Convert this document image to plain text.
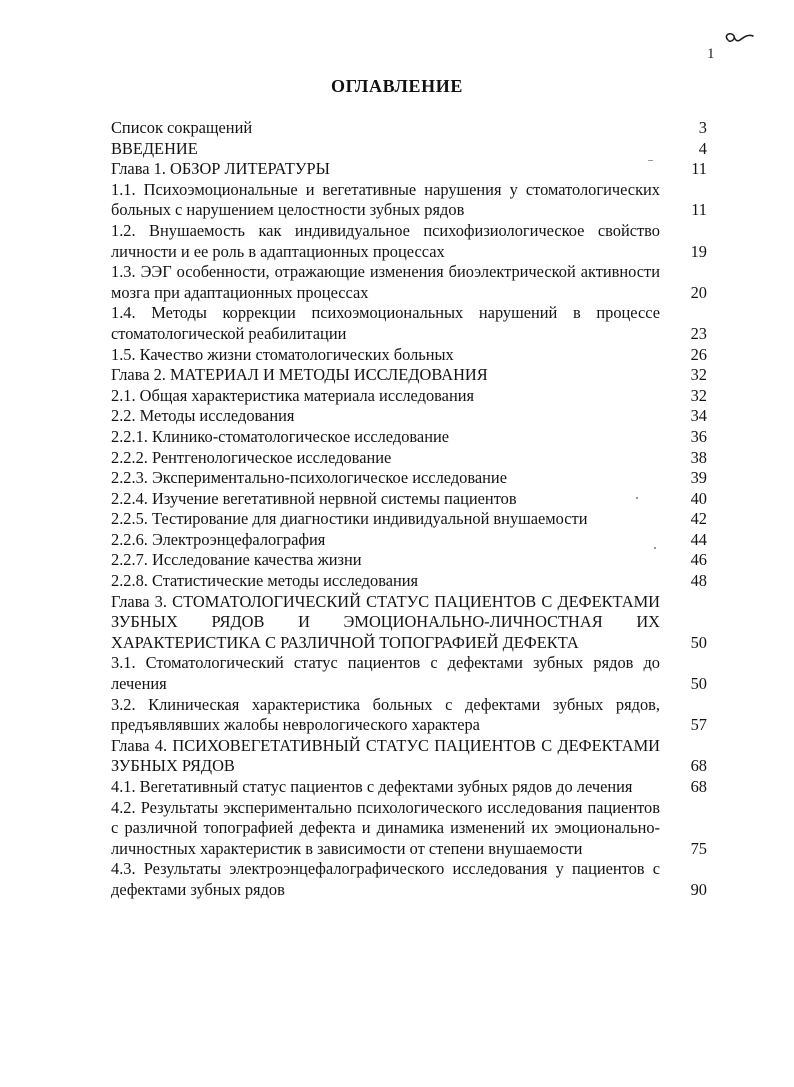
1
ОГЛАВЛЕНИЕ
Список сокращений	3
ВВЕДЕНИЕ	4
Глава 1. ОБЗОР ЛИТЕРАТУРЫ	11
1.1. Психоэмоциональные и вегетативные нарушения у стоматологических больных с нарушением целостности зубных рядов	11
1.2. Внушаемость как индивидуальное психофизиологическое свойство личности и ее роль в адаптационных процессах	19
1.3. ЭЭГ особенности, отражающие изменения биоэлектрической активности мозга при адаптационных процессах	20
1.4. Методы коррекции психоэмоциональных нарушений в процессе стоматологической реабилитации	23
1.5. Качество жизни стоматологических больных	26
Глава 2. МАТЕРИАЛ И МЕТОДЫ ИССЛЕДОВАНИЯ	32
2.1. Общая характеристика материала исследования	32
2.2. Методы исследования	34
2.2.1. Клинико-стоматологическое исследование	36
2.2.2. Рентгенологическое исследование	38
2.2.3. Экспериментально-психологическое исследование	39
2.2.4. Изучение вегетативной нервной системы пациентов	40
2.2.5. Тестирование для диагностики индивидуальной внушаемости	42
2.2.6. Электроэнцефалография	44
2.2.7. Исследование качества жизни	46
2.2.8. Статистические методы исследования	48
Глава 3. СТОМАТОЛОГИЧЕСКИЙ СТАТУС ПАЦИЕНТОВ С ДЕФЕКТАМИ ЗУБНЫХ РЯДОВ И ЭМОЦИОНАЛЬНО-ЛИЧНОСТНАЯ ИХ ХАРАКТЕРИСТИКА С РАЗЛИЧНОЙ ТОПОГРАФИЕЙ ДЕФЕКТА	50
3.1. Стоматологический статус пациентов с дефектами зубных рядов до лечения	50
3.2. Клиническая характеристика больных с дефектами зубных рядов, предъявлявших жалобы неврологического характера	57
Глава 4. ПСИХОВЕГЕТАТИВНЫЙ СТАТУС ПАЦИЕНТОВ С ДЕФЕКТАМИ ЗУБНЫХ РЯДОВ	68
4.1. Вегетативный статус пациентов с дефектами зубных рядов до лечения	68
4.2. Результаты экспериментально психологического исследования пациентов с различной топографией дефекта и динамика изменений их эмоционально-личностных характеристик в зависимости от степени внушаемости	75
4.3. Результаты электроэнцефалографического исследования у пациентов с дефектами зубных рядов	90
